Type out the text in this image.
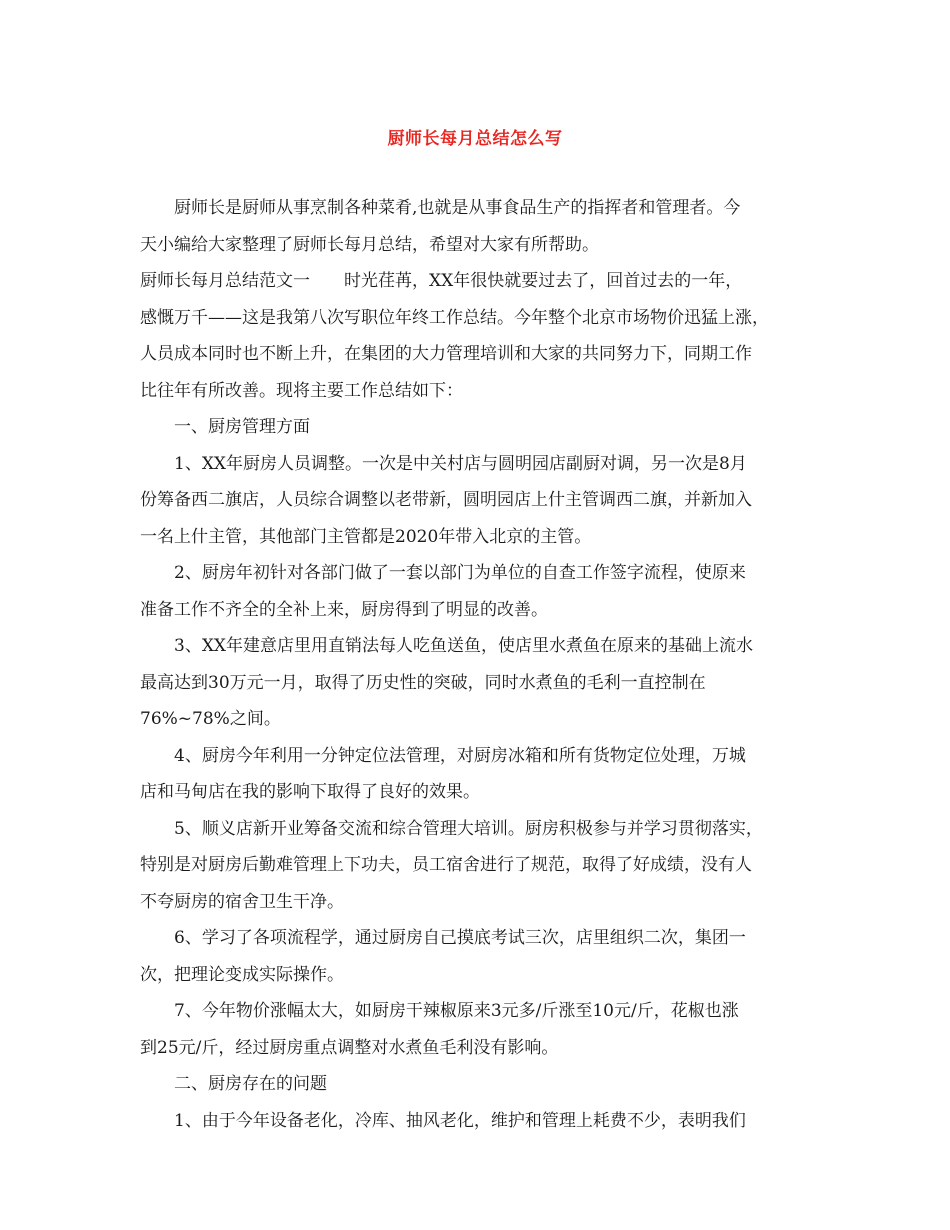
厨师长每月总结怎么写

厨师长是厨师从事烹制各种菜肴,也就是从事食品生产的指挥者和管理者。今

天小编给大家整理了厨师长每月总结，希望对大家有所帮助。

厨师长每月总结范文一　　时光荏苒，XX年很快就要过去了，回首过去的一年，

感慨万千——这是我第八次写职位年终工作总结。今年整个北京市场物价迅猛上涨，

人员成本同时也不断上升，在集团的大力管理培训和大家的共同努力下，同期工作

比往年有所改善。现将主要工作总结如下：

一、厨房管理方面

1、XX年厨房人员调整。一次是中关村店与圆明园店副厨对调，另一次是8月

份筹备西二旗店，人员综合调整以老带新，圆明园店上什主管调西二旗，并新加入

一名上什主管，其他部门主管都是2020年带入北京的主管。

2、厨房年初针对各部门做了一套以部门为单位的自查工作签字流程，使原来

准备工作不齐全的全补上来，厨房得到了明显的改善。

3、XX年建意店里用直销法每人吃鱼送鱼，使店里水煮鱼在原来的基础上流水

最高达到30万元一月，取得了历史性的突破，同时水煮鱼的毛利一直控制在

76%~78%之间。

4、厨房今年利用一分钟定位法管理，对厨房冰箱和所有货物定位处理，万城

店和马甸店在我的影响下取得了良好的效果。

5、顺义店新开业筹备交流和综合管理大培训。厨房积极参与并学习贯彻落实，

特别是对厨房后勤难管理上下功夫，员工宿舍进行了规范，取得了好成绩，没有人

不夸厨房的宿舍卫生干净。

6、学习了各项流程学，通过厨房自己摸底考试三次，店里组织二次，集团一

次，把理论变成实际操作。

7、今年物价涨幅太大，如厨房干辣椒原来3元多/斤涨至10元/斤，花椒也涨

到25元/斤，经过厨房重点调整对水煮鱼毛利没有影响。

二、厨房存在的问题

1、由于今年设备老化，冷库、抽风老化，维护和管理上耗费不少，表明我们
